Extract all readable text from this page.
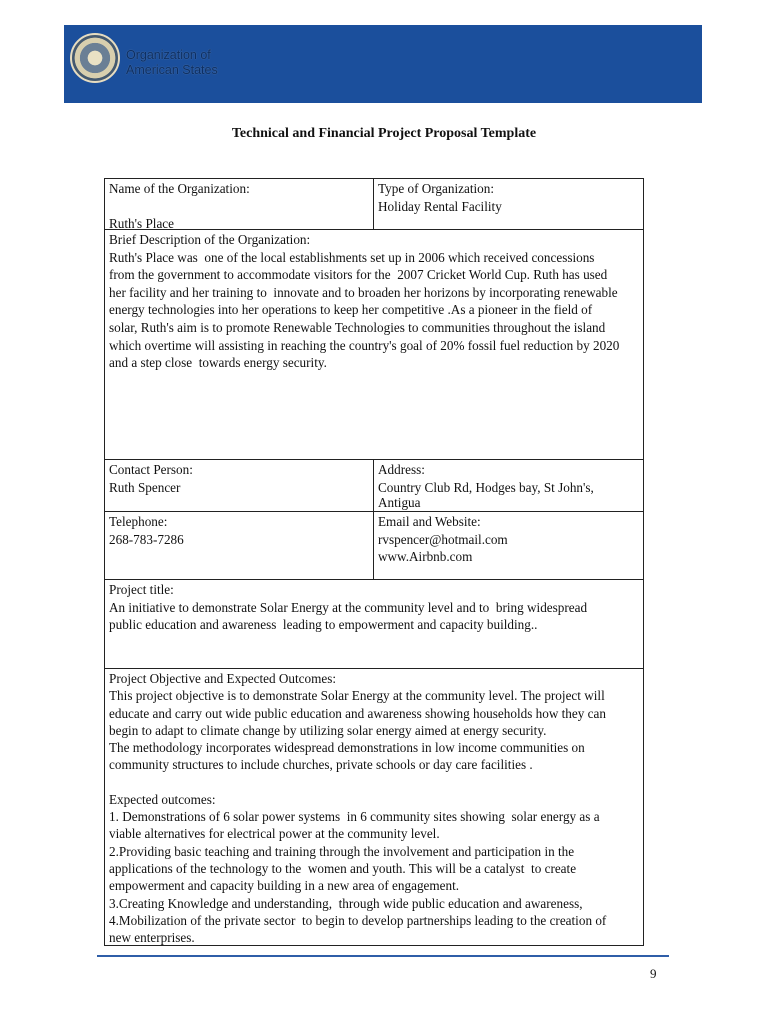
Organization of
American States
Technical and Financial Project Proposal Template
Name of the Organization:
Ruth's Place
Type of Organization:
Holiday Rental Facility
Brief Description of the Organization:
Ruth's Place was  one of the local establishments set up in 2006 which received concessions
from the government to accommodate visitors for the  2007 Cricket World Cup. Ruth has used
her facility and her training to  innovate and to broaden her horizons by incorporating renewable
energy technologies into her operations to keep her competitive .As a pioneer in the field of
solar, Ruth's aim is to promote Renewable Technologies to communities throughout the island
which overtime will assisting in reaching the country's goal of 20% fossil fuel reduction by 2020
and a step close  towards energy security.
Contact Person:
Ruth Spencer
Address:
Country Club Rd, Hodges bay, St John's,
Antigua
Telephone:
268-783-7286
Email and Website:
rvspencer@hotmail.com
www.Airbnb.com
Project title:
An initiative to demonstrate Solar Energy at the community level and to  bring widespread
public education and awareness  leading to empowerment and capacity building..
Project Objective and Expected Outcomes:
This project objective is to demonstrate Solar Energy at the community level. The project will
educate and carry out wide public education and awareness showing households how they can
begin to adapt to climate change by utilizing solar energy aimed at energy security.
The methodology incorporates widespread demonstrations in low income communities on
community structures to include churches, private schools or day care facilities .
Expected outcomes:
1. Demonstrations of 6 solar power systems  in 6 community sites showing  solar energy as a
viable alternatives for electrical power at the community level.
2.Providing basic teaching and training through the involvement and participation in the
applications of the technology to the  women and youth. This will be a catalyst  to create
empowerment and capacity building in a new area of engagement.
3.Creating Knowledge and understanding,  through wide public education and awareness,
4.Mobilization of the private sector  to begin to develop partnerships leading to the creation of
new enterprises.
9
